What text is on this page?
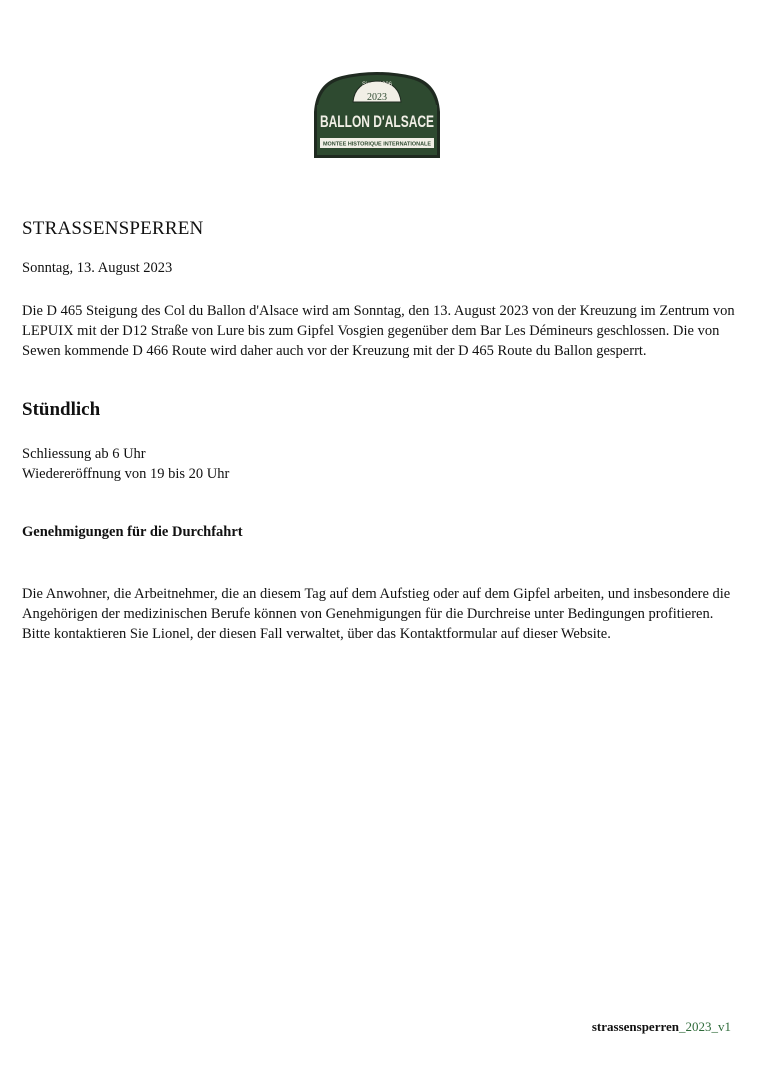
Since 1906
2023
BALLON D'ALSACE
MONTEE HISTORIQUE INTERNATIONALE
STRASSENSPERREN

Sonntag, 13. August 2023

Die D 465 Steigung des Col du Ballon d'Alsace wird am Sonntag, den 13. August 2023 von der Kreuzung im Zentrum von LEPUIX mit der D12 Straße von Lure bis zum Gipfel Vosgien gegenüber dem Bar Les Démineurs geschlossen. Die von Sewen kommende D 466 Route wird daher auch vor der Kreuzung mit der D 465 Route du Ballon gesperrt.

Stündlich
Schliessung ab 6 Uhr
Wiedereröffnung von 19 bis 20 Uhr
Genehmigungen für die Durchfahrt

Die Anwohner, die Arbeitnehmer, die an diesem Tag auf dem Aufstieg oder auf dem Gipfel arbeiten, und insbesondere die Angehörigen der medizinischen Berufe können von Genehmigungen für die Durchreise unter Bedingungen profitieren. Bitte kontaktieren Sie Lionel, der diesen Fall verwaltet, über das Kontaktformular auf dieser Website.

strassensperren_2023_v1
